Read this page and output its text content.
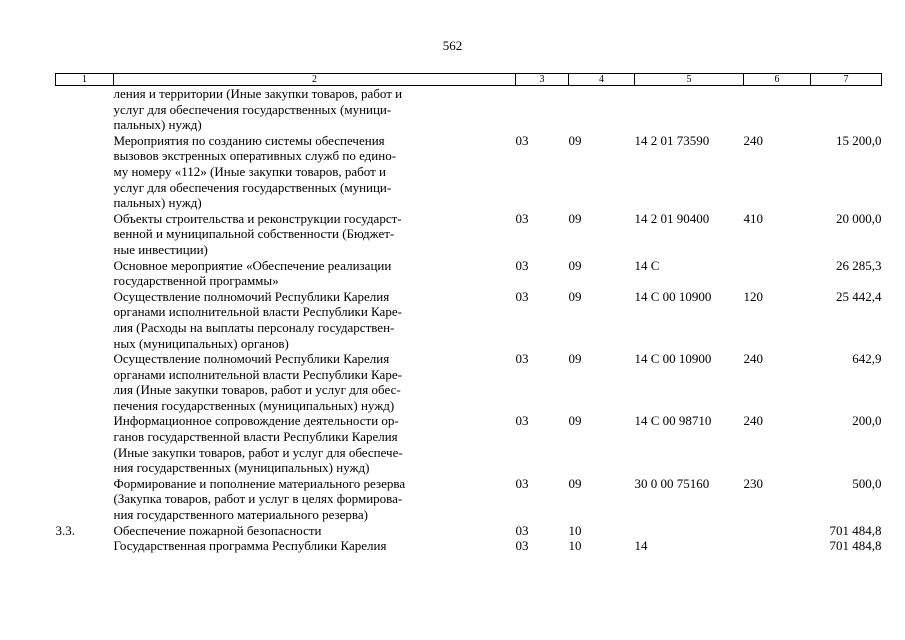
562
1	2	3	4	5	6	7

	ления и территории (Иные закупки товаров, работ и
услуг для обеспечения государственных (муници-
пальных) нужд)					

	Мероприятия по созданию системы обеспечения
вызовов экстренных оперативных служб по едино-
му номеру «112» (Иные закупки товаров, работ и
услуг для обеспечения государственных (муници-
пальных) нужд)	03	09	14 2 01 73590	240	15 200,0

	Объекты строительства и реконструкции государст-
венной и муниципальной собственности (Бюджет-
ные инвестиции)	03	09	14 2 01 90400	410	20 000,0

	Основное мероприятие «Обеспечение реализации
государственной программы»	03	09	14 С		26 285,3

	Осуществление полномочий Республики Карелия
органами исполнительной власти Республики Каре-
лия (Расходы на выплаты персоналу государствен-
ных (муниципальных) органов)	03	09	14 С 00 10900	120	25 442,4

	Осуществление полномочий Республики Карелия
органами исполнительной власти Республики Каре-
лия (Иные закупки товаров, работ и услуг для обес-
печения государственных (муниципальных) нужд)	03	09	14 С 00 10900	240	642,9

	Информационное сопровождение деятельности ор-
ганов государственной власти Республики Карелия
(Иные закупки товаров, работ и услуг для обеспече-
ния государственных (муниципальных) нужд)	03	09	14 С 00 98710	240	200,0

	Формирование и пополнение материального резерва
(Закупка товаров, работ и услуг в целях формирова-
ния государственного материального резерва)	03	09	30 0 00 75160	230	500,0
3.3.	Обеспечение пожарной безопасности	03	10			701 484,8

	Государственная программа Республики Карелия	03	10	14		701 484,8
